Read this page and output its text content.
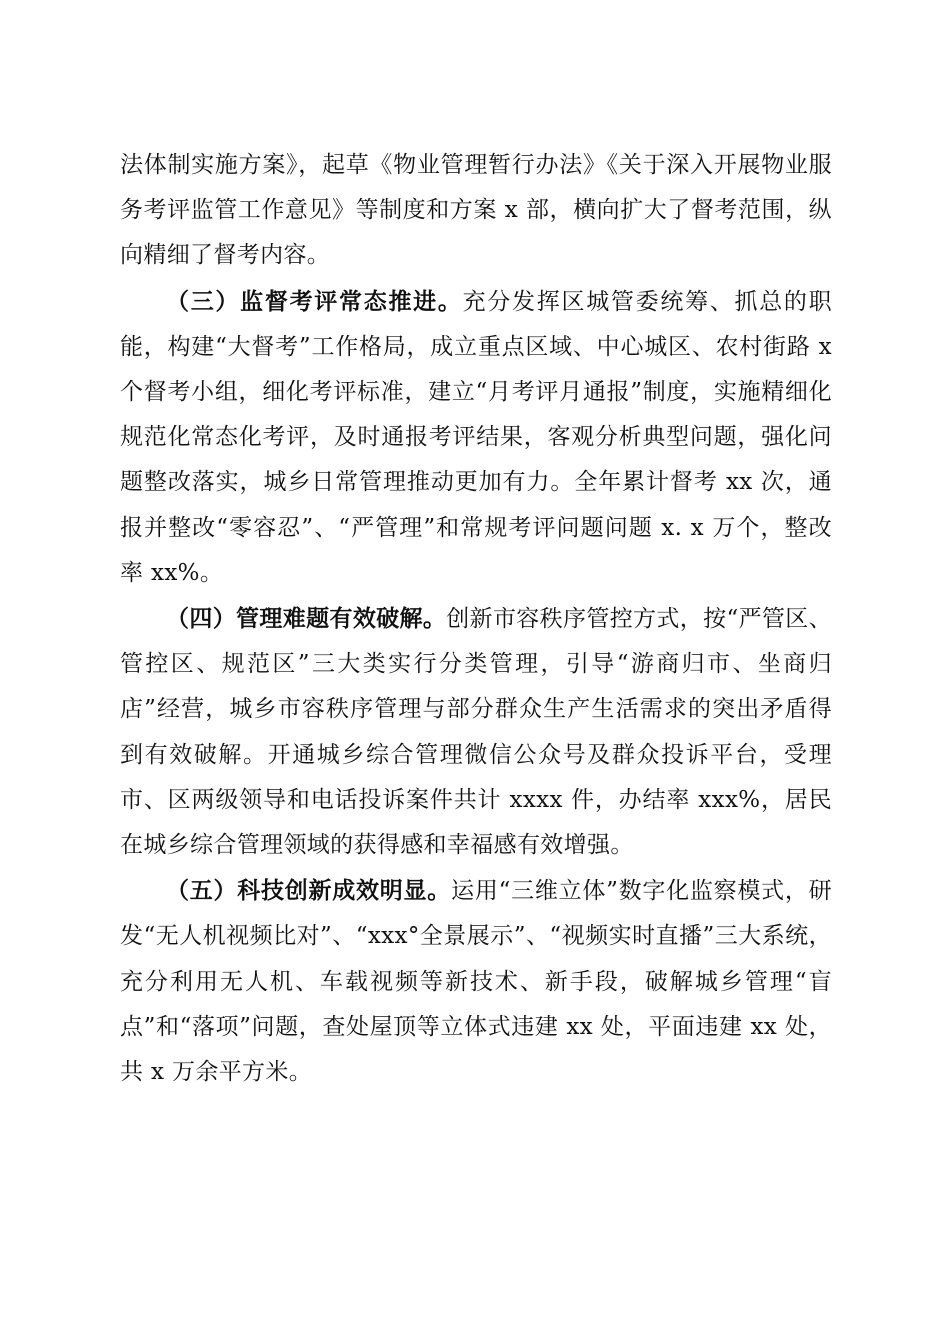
法体制实施方案》，起草《物业管理暂行办法》《关于深入开展物业服务考评监管工作意见》等制度和方案 x 部，横向扩大了督考范围，纵向精细了督考内容。

（三）监督考评常态推进。充分发挥区城管委统筹、抓总的职能，构建“大督考”工作格局，成立重点区域、中心城区、农村街路 x 个督考小组，细化考评标准，建立“月考评月通报”制度，实施精细化规范化常态化考评，及时通报考评结果，客观分析典型问题，强化问题整改落实，城乡日常管理推动更加有力。全年累计督考 xx 次，通报并整改“零容忍”、“严管理”和常规考评问题问题 x. x 万个，整改率 xx%。

（四）管理难题有效破解。创新市容秩序管控方式，按“严管区、管控区、规范区”三大类实行分类管理，引导“游商归市、坐商归店”经营，城乡市容秩序管理与部分群众生产生活需求的突出矛盾得到有效破解。开通城乡综合管理微信公众号及群众投诉平台，受理市、区两级领导和电话投诉案件共计 xxxx 件，办结率 xxx%，居民在城乡综合管理领域的获得感和幸福感有效增强。

（五）科技创新成效明显。运用“三维立体”数字化监察模式，研发“无人机视频比对”、“xxx°全景展示”、“视频实时直播”三大系统，充分利用无人机、车载视频等新技术、新手段，破解城乡管理“盲点”和“落项”问题，查处屋顶等立体式违建 xx 处，平面违建 xx 处，共 x 万余平方米。
